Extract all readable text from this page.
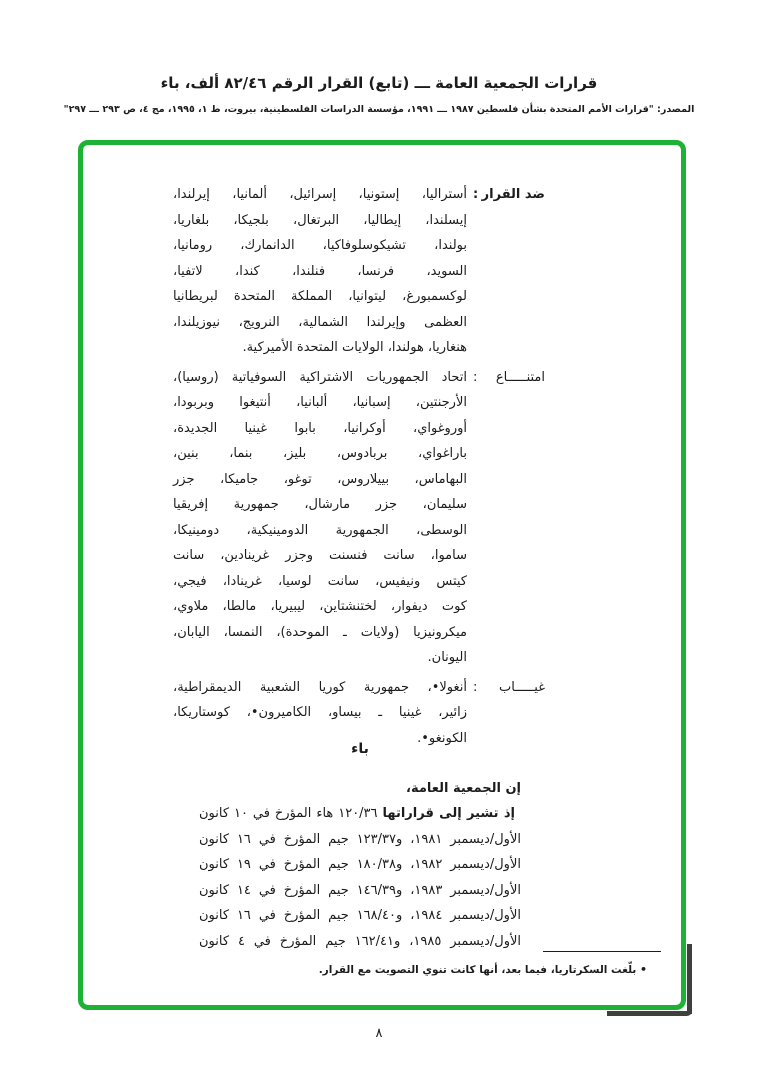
قرارات الجمعية العامة ـــ (تابع) القرار الرقم ٨٢/٤٦ ألف، باء
المصدر: "قرارات الأمم المتحدة بشأن فلسطين ١٩٨٧ ـــ ١٩٩١، مؤسسة الدراسات الفلسطينية، بيروت، ط ١، ١٩٩٥، مج ٤، ص ٢٩٣ ـــ ٢٩٧"
ضد القرار
:
أستراليا، إستونيا، إسرائيل، ألمانيا، إيرلندا،
إيسلندا، إيطاليا، البرتغال، بلجيكا، بلغاريا،
بولندا، تشيكوسلوفاكيا، الدانمارك، رومانيا،
السويد، فرنسا، فنلندا، كندا، لاتفيا،
لوكسمبورغ، ليتوانيا، المملكة المتحدة لبريطانيا
العظمى وإيرلندا الشمالية، النرويج، نيوزيلندا،
هنغاريا، هولندا، الولايات المتحدة الأميركية.
امتنـــــاع
:
اتحاد الجمهوريات الاشتراكية السوفياتية (روسيا)،
الأرجنتين، إسبانيا، ألبانيا، أنتيغوا وبربودا،
أوروغواي، أوكرانيا، بابوا غينيا الجديدة،
باراغواي، بربادوس، بليز، بنما، بنين،
البهاماس، بييلاروس، توغو، جاميكا، جزر
سليمان، جزر مارشال، جمهورية إفريقيا
الوسطى، الجمهورية الدومينيكية، دومينيكا،
ساموا، سانت فنسنت وجزر غرينادين، سانت
كيتس ونيفيس، سانت لوسيا، غرينادا، فيجي،
كوت ديفوار، لختنشتاين، ليبيريا، مالطا، ملاوي،
ميكرونيزيا (ولايات ـ الموحدة)، النمسا، اليابان،
اليونان.
غيـــــاب
:
أنغولا•، جمهورية كوريا الشعبية الديمقراطية،
زائير، غينيا ـ بيساو، الكاميرون•، كوستاريكا،
الكونغو•.
باء
إن الجمعية العامة،
إذ تشير إلى قراراتها ١٢٠/٣٦ هاء المؤرخ في ١٠ كانون
الأول/ديسمبر ١٩٨١، و١٢٣/٣٧ جيم المؤرخ في ١٦ كانون
الأول/ديسمبر ١٩٨٢، و١٨٠/٣٨ جيم المؤرخ في ١٩ كانون
الأول/ديسمبر ١٩٨٣، و١٤٦/٣٩ جيم المؤرخ في ١٤ كانون
الأول/ديسمبر ١٩٨٤، و١٦٨/٤٠ جيم المؤرخ في ١٦ كانون
الأول/ديسمبر ١٩٨٥، و١٦٢/٤١ جيم المؤرخ في ٤ كانون
• بلّغت السكرتاريا، فيما بعد، أنها كانت تنوي التصويت مع القرار.
٨
